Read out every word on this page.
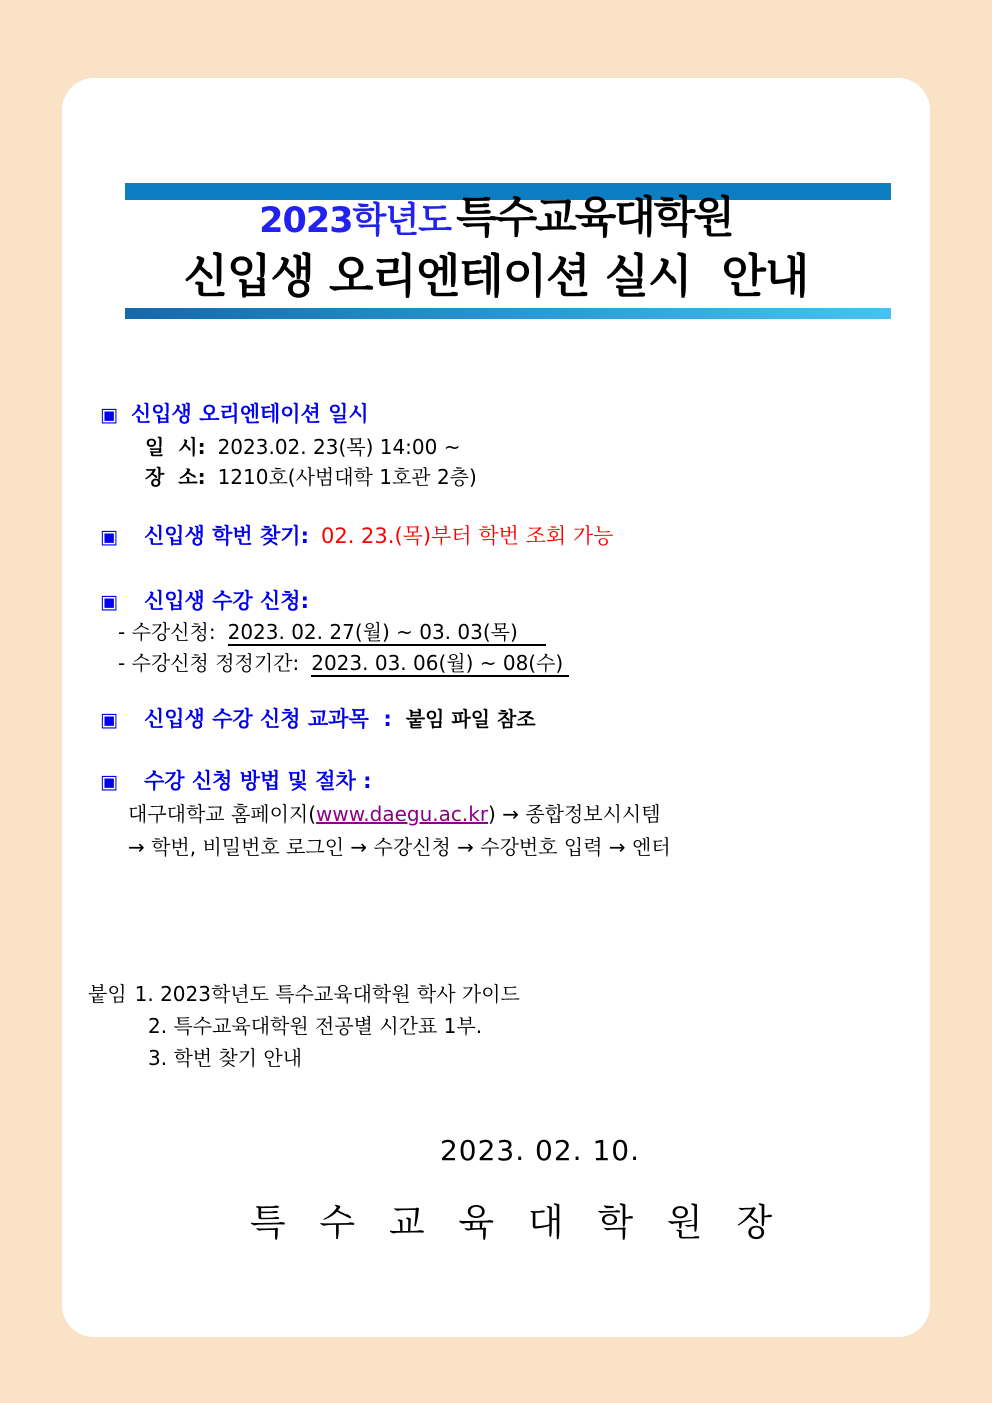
2023학년도 특수교육대학원
신입생 오리엔테이션 실시  안내
▣ 신입생 오리엔테이션 일시
일  시: 2023.02. 23(목) 14:00 ~
장  소: 1210호(사범대학 1호관 2층)
▣ 신입생 학번 찾기: 02. 23.(목)부터 학번 조회 가능
▣ 신입생 수강 신청:
- 수강신청: 2023. 02. 27(월) ~ 03. 03(목)
- 수강신청 정정기간: 2023. 03. 06(월) ~ 08(수)
▣ 신입생 수강 신청 교과목  : 붙임 파일 참조
▣ 수강 신청 방법 및 절차 :
대구대학교 홈페이지(www.daegu.ac.kr) → 종합정보시시템
→ 학번, 비밀번호 로그인 → 수강신청 → 수강번호 입력 → 엔터
붙임 1. 2023학년도 특수교육대학원 학사 가이드
2. 특수교육대학원 전공별 시간표 1부.
3. 학번 찾기 안내
2023. 02. 10.
특 수 교 육 대 학 원 장
